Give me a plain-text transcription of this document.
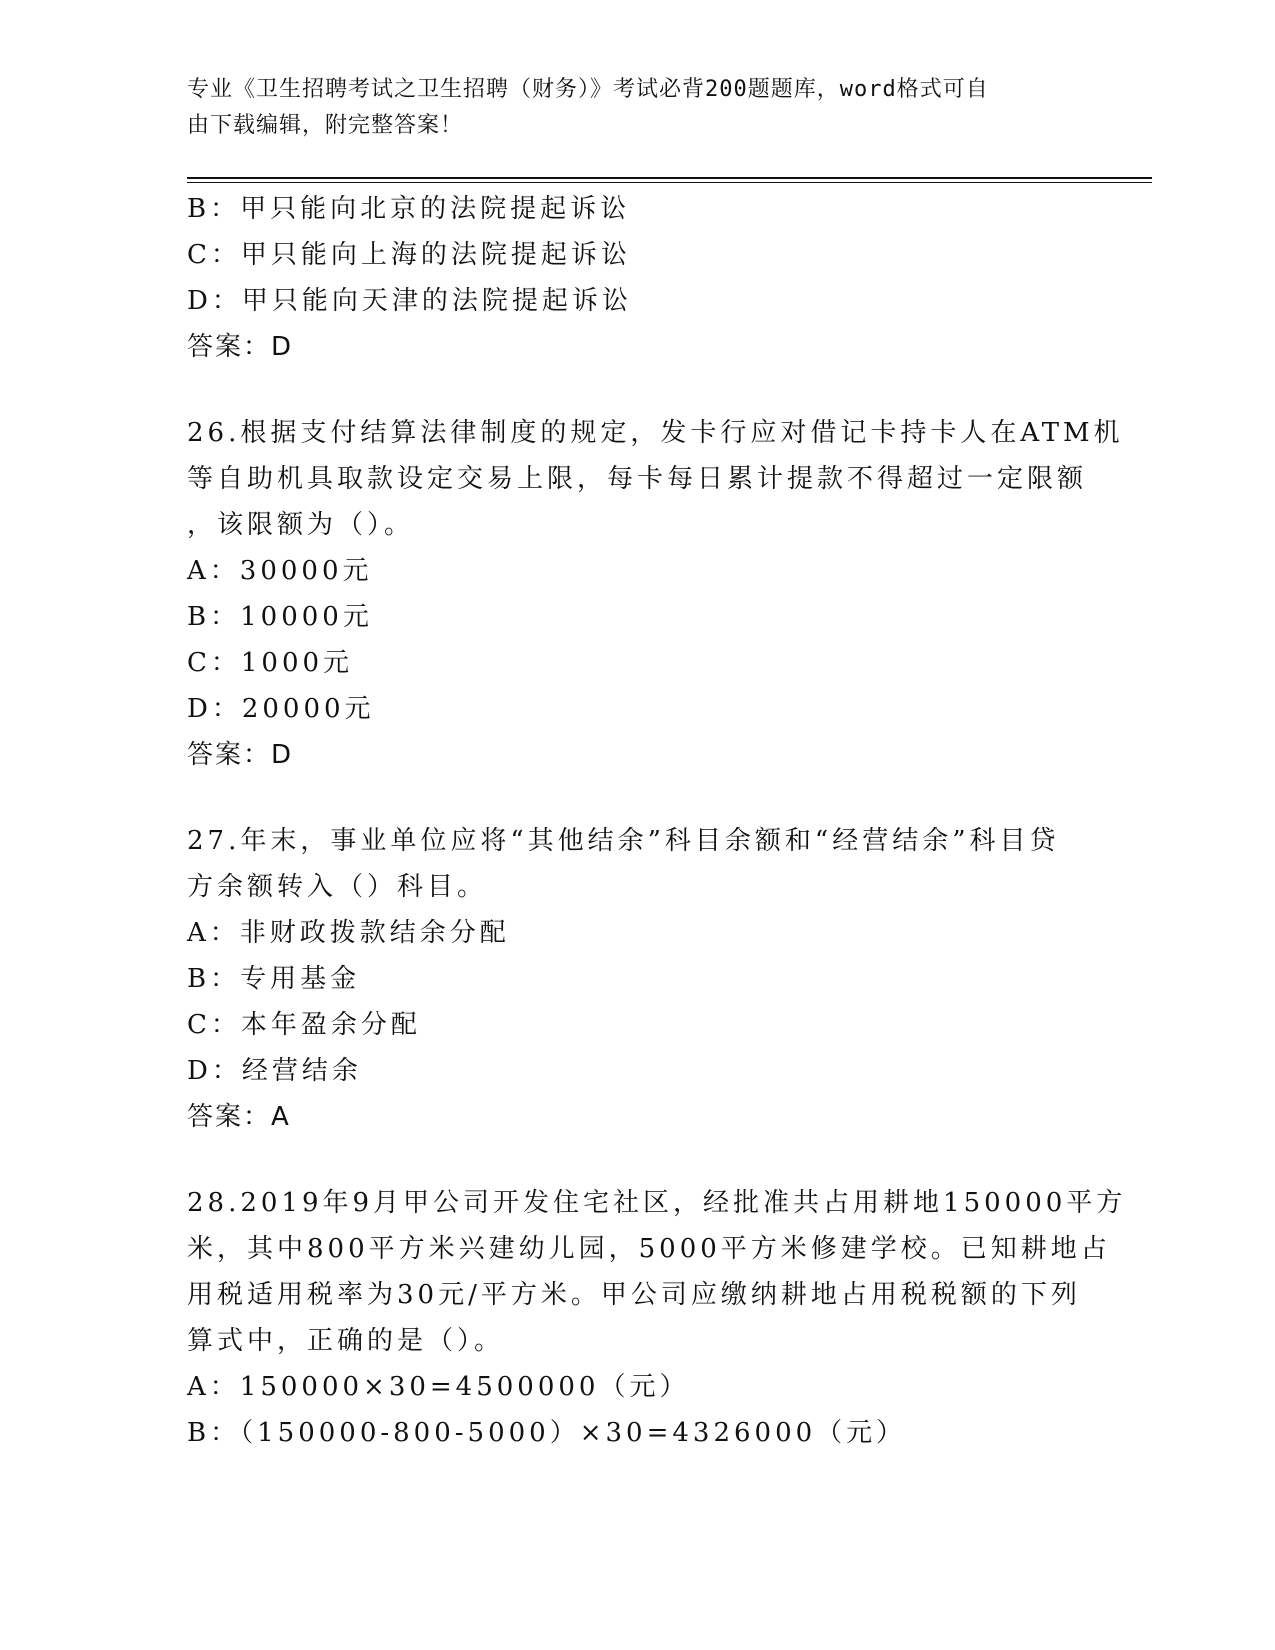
专业《卫生招聘考试之卫生招聘（财务）》考试必背200题题库，word格式可自
由下载编辑，附完整答案！
B：甲只能向北京的法院提起诉讼
C：甲只能向上海的法院提起诉讼
D：甲只能向天津的法院提起诉讼
答案：D
26.根据支付结算法律制度的规定，发卡行应对借记卡持卡人在ATM机
等自助机具取款设定交易上限，每卡每日累计提款不得超过一定限额
，该限额为（）。
A：30000元
B：10000元
C：1000元
D：20000元
答案：D
27.年末，事业单位应将“其他结余”科目余额和“经营结余”科目贷
方余额转入（）科目。
A：非财政拨款结余分配
B：专用基金
C：本年盈余分配
D：经营结余
答案：A
28.2019年9月甲公司开发住宅社区，经批准共占用耕地150000平方
米，其中800平方米兴建幼儿园，5000平方米修建学校。已知耕地占
用税适用税率为30元/平方米。甲公司应缴纳耕地占用税税额的下列
算式中，正确的是（）。
A：150000×30=4500000（元）
B：（150000-800-5000）×30=4326000（元）
